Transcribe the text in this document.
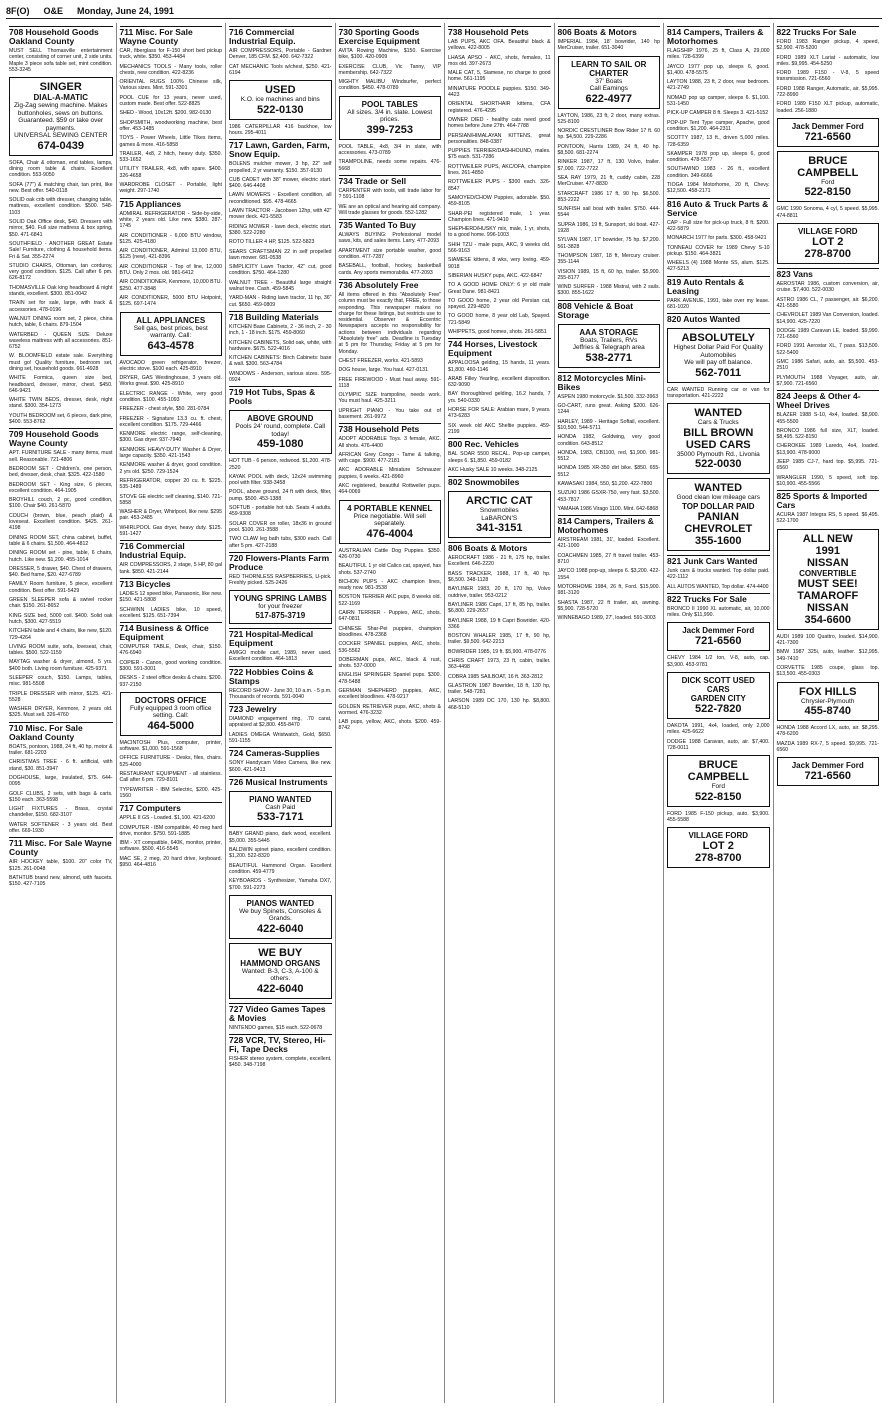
8F(O) O&E Monday, June 24, 1991
708 Household Goods Oakland County
MUST SELL Thomasville entertainment center, consisting of corner unit, 2 side units. Maple 3 piece sofa table set, mint condition. 553-3245
SINGER
DIAL-A-MATIC
Zig-Zag sewing machine. Makes buttonholes, sews on buttons. Guaranteed. $59 or take over payments.
UNIVERSAL SEWING CENTER
674-0439
SOFA, Chair & ottoman, end tables, lamps, dining room table & chairs. Excellent condition. 553-9050
SOFA (77") & matching chair, tan print, like new. Best offer. 540-0118
SOLID oak crib with dresser, changing table, mattress, excellent condition. $500. 548-1103
SOLID Oak Office desk, $40. Dressers with mirror, $40. Full size mattress & box spring, $50. 471-6841
SOUTHFIELD - ANOTHER GREAT Estate Sale! Furniture, clothing & household items. Fri & Sat. 355-2274
STUDIO CHAIRS, Ottoman, tan corduroy, very good condition. $125. Call after 6 pm. 626-8172
THOMASVILLE Oak king headboard & night stands, excellent. $300. 851-0042
TRAIN set for sale, large, with track & accessories. 478-0196
WALNUT DINING room set, 2 piece, china hutch, table, 6 chairs. 879-1504
WATERBED - QUEEN SIZE Deluxe waveless mattress with all accessories. 851-6752
W. BLOOMFIELD estate sale. Everything must go! Quality furniture, bedroom set, dining set, household goods. 661-4928
WHITE Formica, queen size bed, headboard, dresser, mirror, chest. $450. 646-9421
WHITE TWIN BEDS, dresser, desk, night stand. $300. 354-1273
YOUTH BEDROOM set, 6 pieces, dark pine, $400. 553-8762
709 Household Goods Wayne County
APT. FURNITURE SALE - many items, must sell. Reasonable. 721-4806
BEDROOM SET - Children's, one person, bed, dresser, desk, chair. $325. 422-1580
BEDROOM SET - King size, 6 pieces, excellent condition. 464-1905
BROYHILL couch, 2 pc, good condition, $100. Chair $40. 261-5870
COUCH (brown, blue, peach plaid) & loveseat. Excellent condition. $425. 261-4198
DINING ROOM SET, china cabinet, buffet, table & 6 chairs. $1,500. 464-4812
DINING ROOM set - pine, table, 6 chairs, hutch. Like new. $1,200. 455-1014
DRESSER, 5 drawer, $40. Chest of drawers, $40. Bed frame, $20. 427-6789
FAMILY Room furniture, 5 piece, excellent condition. Best offer. 591-5429
GREEN SLEEPER sofa & swivel rocker chair. $150. 261-8652
KING SIZE bed, 5000 coil. $400. Solid oak hutch, $300. 427-5519
KITCHEN table and 4 chairs, like new, $120. 729-4264
LIVING ROOM suite, sofa, loveseat, chair, tables. $500. 522-1159
MAYTAG washer & dryer, almond, 5 yrs. $400 both. Living room furniture. 425-9371
SLEEPER couch, $150. Lamps, tables, misc. 981-5508
TRIPLE DRESSER with mirror, $125. 421-5528
WASHER DRYER, Kenmore, 2 years old. $325. Must sell. 326-4760
710 Misc. For Sale Oakland County
BOATS, pontoon, 1988, 24 ft, 40 hp, motor & trailer. 681-2203
CHRISTMAS TREE - 6 ft. artificial, with stand, $30. 851-3947
DOGHOUSE, large, insulated, $75. 644-0095
GOLF CLUBS, 2 sets, with bags & carts. $150 each. 363-5598
LIGHT FIXTURES - Brass, crystal chandelier, $150. 682-3107
WATER SOFTENER - 3 years old. Best offer. 669-1930
711 Misc. For Sale Wayne County
AIR HOCKEY table, $100. 20" color TV, $125. 261-0048
BATHTUB brand new, almond, with faucets. $150. 427-7105
711 Misc. For Sale Wayne County
CAR, fiberglass for F-150 short bed pickup truck, white. $350. 453-4484
MECHANICS TOOLS - Many tools, roller chests, new condition. 422-8236
ORIENTAL RUGS 100% Chinese silk, Various sizes. Mint. 591-3301
POOL CUE for 13 years, never used, custom made. Best offer. 522-8825
SHED - Wood, 10x12ft. $200. 982-0130
SHOPSMITH, woodworking machine, best offer. 453-1485
TOYS - Power Wheels, Little Tikes items, games & more. 416-5858
TRAILER, 4x8, 2 hitch, heavy duty. $350. 533-1652
UTILITY TRAILER, 4x8, with spare. $400. 326-4658
WARDROBE CLOSET - Portable, light weight. 297-1740
715 Appliances
ADMIRAL REFRIGERATOR - Side-by-side, white, 2 years old. Like new. $380. 287-1745
AIR CONDITIONER - 6,000 BTU window, $125. 425-4180
AIR CONDITIONER, Admiral 13,000 BTU, $125 (new). 421-8396
AIR CONDITIONER - Top of line, 12,000 BTU. Only 2 mos. old. 981-6412
AIR CONDITIONER, Kenmore, 10,000 BTU. $250. 477-3848
AIR CONDITIONER, 5000 BTU Hotpoint, $125. 697-1474
ALL APPLIANCES
Sell gas, best prices, best warranty. Call:
643-4578
AVOCADO green refrigerator, freezer, electric stove. $100 each. 425-8910
DRYER, GAS Westinghouse, 3 years old. Works great. $90. 425-8910
ELECTRIC RANGE - White, very good condition. $100. 455-1093
FREEZER - chest style, $50. 281-0784
FREEZER - Signature 13.3 cu. ft. chest, excellent condition. $175. 729-4466
KENMORE electric range, self-cleaning, $300. Gas dryer. 937-7940
KENMORE HEAVY-DUTY Washer & Dryer, large capacity. $350. 421-1543
KENMORE washer & dryer, good condition. 2 yrs old. $250. 729-1524
REFRIGERATOR, copper 20 cu. ft. $225. 535-1489
STOVE GE electric self cleaning, $140. 721-5858
WASHER & Dryer, Whirlpool, like new. $295 pair. 453-2485
WHIRLPOOL Gas dryer, heavy duty. $125. 591-1427
716 Commercial Industrial Equip.
AIR COMPRESSORS, 2 stage, 5 HP, 80 gal tank. $850. 421-2144
713 Bicycles
LADIES 12 speed bike, Panasonic, like new. $150. 421-5808
SCHWINN LADIES bike, 10 speed, excellent. $125. 651-7394
714 Business & Office Equipment
COMPUTER TABLE, Desk, chair, $150. 476-6940
COPIER - Canon, good working condition. $300. 591-3001
DESKS - 2 steel office desks & chairs. $200. 937-2150
DOCTORS OFFICE
Fully equipped 3 room office setting. Call:
464-5000
MACINTOSH Plus, computer, printer, software. $1,000. 591-1568
OFFICE FURNITURE - Desks, files, chairs. 525-4000
RESTAURANT EQUIPMENT - all stainless. Call after 6 pm. 729-8101
TYPEWRITER - IBM Selectric, $200. 425-1560
717 Computers
APPLE II GS - Loaded. $1,100. 421-6200
COMPUTER - IBM compatible, 40 meg hard drive, monitor. $750. 591-1885
IBM - XT compatible, 640K, monitor, printer, software. $500. 416-5545
MAC SE, 2 meg, 20 hard drive, keyboard. $950. 464-4816
716 Commercial Industrial Equip.
AIR COMPRESSORS, Portable - Gardner Denver, 185 CFM. $2,400. 642-7322
CAT MECHANIC Tools w/chest, $250. 421-6194
USED
K.O. ice machines and bins
522-0130
1986 CATERPILLAR 416 backhoe, low hours. 295-4011
717 Lawn, Garden, Farm, Snow Equip.
BOLENS mulcher mower, 3 hp, 22" self propelled, 2 yr warranty. $150. 357-9130
CUB CADET with 38" mower, electric start. $400. 646-4408
LAWN MOWERS - Excellent condition, all reconditioned. $95. 478-4665
LAWN TRACTOR - Jacobsen 12hp, with 42" mower deck. 421-5583
RIDING MOWER - lawn deck, electric start. $380. 522-2280
ROTO TILLER 4 HP, $125. 522-5823
SEARS CRAFTSMAN 22 in self propelled lawn mower. 681-0538
SIMPLICITY Lawn Tractor, 42" cut, good condition. $750. 464-1280
WALNUT TREE - Beautiful large straight walnut tree. Cash. 459-5845
YARD-MAN - Riding lawn tractor, 11 hp, 36" cut. $650. 459-0809
718 Building Materials
KITCHEN Base Cabinets, 2 - 36 inch, 2 - 30 inch, 1 - 18 inch. $175. 459-8060
KITCHEN CABINETS, Solid oak, white, with hardware. $675. 522-4016
KITCHEN CABINETS: Birch Cabinets: base & wall. $300. 563-4784
WINDOWS - Anderson, various sizes. 595-0924
719 Hot Tubs, Spas & Pools
ABOVE GROUND
Pools 24' round, complete. Call today!
459-1080
HOT TUB - 6 person, redwood. $1,200. 478-2520
KAYAK POOL with deck, 12x24 swimming pool with filter. 938-3458
POOL, above ground, 24 ft with deck, filter, pump. $500. 453-1388
SOFTUB - portable hot tub. Seats 4 adults. 459-9308
SOLAR COVER on roller, 18x36 in ground pool. $100. 261-3588
TWO CLAW leg bath tubs, $300 each. Call after 5 pm. 427-2188
720 Flowers-Plants Farm Produce
RED THORNLESS RASPBERRIES, U-pick. Freshly picked. 525-2426
YOUNG SPRING LAMBS
for your freezer
517-875-3719
721 Hospital-Medical Equipment
AMIGO mobile cart, 1989, never used. Excellent condition. 464-1813
722 Hobbies Coins & Stamps
RECORD SHOW - June 30, 10 a.m. - 5 p.m. Thousands of records. 591-0040
723 Jewelry
DIAMOND engagement ring, .70 carat, appraised at $2,800. 455-8470
LADIES OMEGA Wristwatch, Gold, $650. 591-1155
724 Cameras-Supplies
SONY Handycam Video Camera, like new. $600. 421-9413
726 Musical Instruments
PIANO WANTED
Cash Paid
533-7171
BABY GRAND piano, dark wood, excellent. $5,000. 355-5445
BALDWIN spinet piano, excellent condition. $1,200. 522-8320
BEAUTIFUL Hammond Organ. Excellent condition. 459-4779
KEYBOARDS - Synthesizer, Yamaha DX7, $700. 591-2273
PIANOS WANTED
We buy Spinets, Consoles & Grands.
422-6040
WE BUY
HAMMOND ORGANS
Wanted: B-3, C-3, A-100 & others.
422-6040
727 Video Games Tapes & Movies
NINTENDO games, $15 each. 522-0678
728 VCR, TV, Stereo, Hi-Fi, Tape Decks
FISHER stereo system, complete, excellent. $450. 348-7198
730 Sporting Goods Exercise Equipment
AVITA Rowing Machine, $150. Exercise bike, $100. 420-0909
EXERCISE CLUB, Vic Tanny, VIP membership. 642-7322
MIGHTY MALIBU Windsurfer, perfect condition. $450. 478-0789
POOL TABLES
All sizes. 3/4 in. slate. Lowest prices.
399-7253
POOL TABLE, 4x8, 3/4 in slate, with accessories. 473-0789
TRAMPOLINE, needs some repairs. 476-5668
734 Trade or Sell
CARPENTER with tools, will trade labor for ? 591-1108
WE are an optical and hearing aid company. Will trade glasses for goods. 552-1282
735 Wanted To Buy
ALWAYS BUYING: Professional model saws, kits, and sales items. Larry. 477-2093
APARTMENT size portable washer, good condition. 477-7287
BASEBALL, football, hockey, basketball cards. Any sports memorabilia. 477-2093
736 Absolutely Free
All items offered in this "Absolutely Free" column must be exactly that, FREE, to those responding. This newspaper makes no charge for these listings, but restricts use to residential. Observer & Eccentric Newspapers accepts no responsibility for actions between individuals regarding "Absolutely free" ads. Deadline is Tuesday at 5 pm for Thursday, Friday at 5 pm for Monday.
CHEST FREEZER, works. 421-5893
DOG house, large. You haul. 427-0131
FREE FIREWOOD - Must haul away. 591-1118
OLYMPIC SIZE trampoline, needs work. You must haul. 425-3211
UPRIGHT PIANO - You take out of basement. 261-9972
738 Household Pets
ADOPT ADORABLE Toys. 3 female, AKC. All shots. 476-4400
AFRICAN Grey Congo - Tame & talking, with cage. $900. 477-2181
AKC ADORABLE Miniature Schnauzer puppies, 6 weeks. 421-8960
AKC registered, beautiful Rottweiler pups. 464-0069
4 PORTABLE KENNEL
Price negotiable. Will sell separately.
476-4004
AUSTRALIAN Cattle Dog Puppies. $350. 426-0730
BEAUTIFUL 1 yr old Calico cat, spayed, has shots. 537-2740
BICHON PUPS - AKC champion lines, ready now. 981-3538
BOSTON TERRIER AKC pups, 8 weeks old. 522-1169
CAIRN TERRIER - Puppies, AKC, shots. 647-0811
CHINESE Shar-Pei puppies, champion bloodlines. 478-2368
COCKER SPANIEL puppies, AKC, shots. 536-5562
DOBERMAN pups, AKC, black & rust, shots. 537-0000
ENGLISH SPRINGER Spaniel pups. $300. 478-5488
GERMAN SHEPHERD puppies, AKC, excellent bloodlines. 478-9217
GOLDEN RETRIEVER pups, AKC, shots & wormed. 476-3232
LAB pups, yellow, AKC, shots. $200. 459-8742
738 Household Pets
LAB PUPS, AKC OFA. Beautiful black & yellows. 422-8005
LHASA APSO - AKC, shots, females, 11 mos old. 397-2673
MALE CAT, 5, Siamese, no charge to good home. 561-1195
MINIATURE POODLE puppies. $150. 349-4423
ORIENTAL SHORTHAIR kittens, CFA registered. 476-4295
OWNER DIED - healthy cats need good homes before June 27th. 464-7788
PERSIAN/HIMALAYAN KITTENS, great personalities. 848-0387
PUPPIES TERRIER/DASHHOUND, males. $75 each. 531-7286
ROTTWEILER PUPS, AKC/OFA, champion lines. 261-4850
ROTTWEILER PUPS - $300 each. 326-8547
SAMOYED/CHOW Puppies, adorable. $50. 459-8105
SHAR-PEI registered male, 1 year. Champion lines. 471-9410
SHEPHERD/HUSKY mix, male, 1 yr, shots, to a good home. 996-1003
SHIH TZU - male pups, AKC, 9 weeks old. 566-9163
SIAMESE kittens, 8 wks, very loving. 459-9018
SIBERIAN HUSKY pups, AKC. 422-6847
TO A GOOD HOME ONLY: 6 yr old male Great Dane. 981-8421
TO GOOD home, 2 year old Persian cat, spayed. 229-4820
TO GOOD home, 8 year old Lab, Spayed. 721-5849
WHIPPETS, good homes, shots. 261-5851
744 Horses, Livestock Equipment
APPALOOSA gelding, 15 hands, 11 years. $1,800. 460-1146
ARAB Filley Yearling, excellent disposition. 632-9090
BAY thoroughbred gelding, 16.2 hands, 7 yrs. 540-0330
HORSE FOR SALE: Arabian mare, 9 years. 473-6283
SIX week old AKC Sheltie puppies. 459-2199
800 Rec. Vehicles
BAL SOAR 5500 RECAL. Pop-up camper, sleeps 6. $1,850. 459-0182
AKC Husky SALE 10 weeks. 348-2125
802 Snowmobiles
ARCTIC CAT
Snowmobiles
LaBARON'S
341-3151
806 Boats & Motors
AEROCRAFT 1986 - 21 ft, 175 hp, trailer. Excellent. 646-2220
BASS TRACKER, 1988, 17 ft, 40 hp. $6,500. 348-1128
BAYLINER 1983, 20 ft, 170 hp, Volvo outdrive, trailer. 953-0212
BAYLINER 1986 Capri, 17 ft, 85 hp, trailer. $6,800. 229-2657
BAYLINER 1988, 19 ft Capri Bowrider. 420-3366
BOSTON WHALER 1985, 17 ft, 90 hp, trailer. $9,500. 642-2213
BOWRIDER 1985, 19 ft. $5,900. 478-0776
CHRIS CRAFT 1973, 23 ft, cabin, trailer. 363-4498
COBRA 1985 SAILBOAT, 16 ft. 363-2812
GLASTRON 1987 Bowrider, 18 ft, 130 hp, trailer. 548-7281
LARSON 1989 DC 170, 130 hp. $8,800. 468-5110
806 Boats & Motors
IMPERIAL 1984, 18' bowrider, 140 hp MerCruiser, trailer. 651-3040
LEARN TO SAIL OR CHARTER
37' Boats
Call Eamings
622-4977
LAYTON, 1986, 23 ft, 2 door, many extras. 525-8100
NORDIC CRESTLINER Bow Rider 17 ft. 60 hp. $4,500. 229-2286
PONTOON, Harris 1989, 24 ft, 40 hp. $8,500. 681-2274
RINKER 1987, 17 ft, 130 Volvo, trailer. $7,000. 722-7722
SEA RAY 1979, 21 ft, cuddy cabin, 228 MerCruiser. 477-8830
STARCRAFT 1986 17 ft, 90 hp. $6,500. 853-2222
SUNFISH sail boat with trailer. $750. 444-5544
SUPRA 1986, 19 ft, Sunsport, ski boat. 427-1928
SYLVAN 1987, 17' bowrider, 75 hp. $7,200. 561-3828
THOMPSON 1987, 18 ft, Mercury cruiser. 355-1144
VISION 1989, 15 ft, 60 hp, trailer. $5,900. 255-8177
WIND SURFER - 1988 Mistral, with 2 sails. $300. 855-1622
808 Vehicle & Boat Storage
AAA STORAGE
Boats, Trailers, RVs
Jeffries & Telegraph area
538-2771
812 Motorcycles Mini-Bikes
ASPEN 1980 motorcycle. $1,500. 332-3963
GO-CART, runs great. Asking $200. 626-1244
HARLEY, 1989 - Heritage Softail, excellent. $10,500. 544-5711
HONDA 1982, Goldwing, very good condition. 643-8512
HONDA, 1983, CB1100, red, $1,900. 981-5512
HONDA 1985 XR-350 dirt bike. $850. 655-5512
KAWASAKI 1984, 550, $1,200. 422-7800
SUZUKI 1986 GSXR-750, very fast. $3,500. 453-7817
YAMAHA 1986 Virago 1100. Mint. 642-6868
814 Campers, Trailers & Motorhomes
AIRSTREAM 1981, 31', loaded. Excellent. 421-1000
COACHMEN 1985, 27 ft travel trailer. 453-8710
JAYCO 1988 pop-up, sleeps 6. $3,200. 422-1554
MOTORHOME 1984, 26 ft, Ford. $15,900. 981-3120
SHASTA 1987, 22 ft trailer, air, awning. $5,900. 728-5720
WINNEBAGO 1989, 27', loaded. 591-3003
814 Campers, Trailers & Motorhomes
FLAGSHIP 1976, 25 ft, Class A, 29,000 miles. 728-6399
JAYCO 1977 pop up, sleeps 6, good. $1,400. 478-5575
LAYTON 1988, 23 ft, 2 door, rear bedroom. 421-2749
NOMAD pop up camper, sleeps 6. $1,100. 531-1450
PICK-UP CAMPER 8 ft. Sleeps 3. 421-5152
POP-UP Tent Type camper, Apache, good condition. $1,200. 464-2311
SCOTTY 1987, 13 ft., driven 5,000 miles. 728-6359
SKAMPER 1978 pop up, sleeps 6, good condition. 478-5577
SOUTHWIND 1983 - 26 ft., excellent condition. 349-6666
TIOGA 1984 Motorhome, 20 ft, Chevy. $12,500. 458-2171
816 Auto & Truck Parts & Service
CAP - Full size for pick-up truck, 8 ft. $200. 422-5879
MONARCH 1977 for parts. $300. 458-9421
TONNEAU COVER for 1989 Chevy S-10 pickup. $150. 464-3821
WHEELS (4) 1988 Monte SS, alum. $125. 427-5213
819 Auto Rentals & Leasing
PARK AVENUE, 1991, take over my lease. 681-1020
820 Autos Wanted
ABSOLUTELY
Highest Dollar Paid For Quality Automobiles
We will pay off balance.
562-7011
CAR WANTED Running car or van for transportation. 421-2222
WANTED
Cars & Trucks
BILL BROWN
USED CARS
35000 Plymouth Rd., Livonia
522-0030
WANTED
Good clean low mileage cars
TOP DOLLAR PAID
PANIAN
CHEVROLET
355-1600
821 Junk Cars Wanted
Junk cars & trucks wanted. Top dollar paid. 422-1112
ALL AUTOS WANTED, Top dollar. 474-4400
822 Trucks For Sale
BRONCO II 1990 XL automatic, air, 10,000 miles. Only $11,990.
Jack Demmer Ford
721-6560
CHEVY 1984 1/2 ton, V-8, auto, cap. $3,900. 453-9781
DICK SCOTT USED CARS
GARDEN CITY
522-7820
DAKOTA 1991, 4x4, loaded, only 2,000 miles. 425-6622
DODGE 1988 Caravan, auto, air. $7,400. 728-0011
BRUCE
CAMPBELL
Ford
522-8150
FORD 1985 F-150 pickup, auto. $3,900. 455-5588
VILLAGE FORD
LOT 2
278-8700
822 Trucks For Sale
FORD 1983 Ranger pickup, 4 speed, $2,900. 478-5200
FORD 1989 XLT Lariat - automatic, low miles. $9,995. 454-5250
FORD 1989 F150 - V-8, 5 speed transmission. 721-6560
FORD 1988 Ranger, Automatic, air. $5,995. 722-8990
FORD 1989 F150 XLT pickup, automatic, loaded. 256-1880
Jack Demmer Ford
721-6560
BRUCE
CAMPBELL
Ford
522-8150
GMC 1990 Sonoma, 4 cyl, 5 speed. $5,995. 474-8811
VILLAGE FORD
LOT 2
278-8700
823 Vans
AEROSTAR 1986, custom conversion, air, cruise. $7,400. 522-0030
ASTRO 1986 CL, 7 passenger, air. $6,200. 421-5580
CHEVROLET 1989 Van Conversion, loaded. $14,900. 425-7220
DODGE 1989 Caravan LE, loaded. $9,990. 721-6560
FORD 1991 Aerostar XL, 7 pass. $13,500. 522-5400
GMC 1986 Safari, auto, air. $5,500. 453-2510
PLYMOUTH 1988 Voyager, auto, air. $7,900. 721-6560
824 Jeeps & Other 4-Wheel Drives
BLAZER 1988 S-10, 4x4, loaded. $8,900. 455-5500
BRONCO 1986 full size, XLT, loaded. $8,495. 522-8150
CHEROKEE 1989 Laredo, 4x4, loaded. $13,900. 478-9000
JEEP 1985 CJ-7, hard top. $5,995. 721-6560
WRANGLER 1990, 5 speed, soft top. $10,900. 455-5566
825 Sports & Imported Cars
ACURA 1987 Integra RS, 5 speed. $6,495. 522-1700
ALL NEW
1991
NISSAN
CONVERTIBLE
MUST SEE!
TAMAROFF
NISSAN
354-6600
AUDI 1989 100 Quattro, loaded. $14,900. 421-7300
BMW 1987 325i, auto, leather. $12,995. 349-7410
CORVETTE 1985 coupe, glass top. $13,500. 455-0303
FOX HILLS
Chrysler-Plymouth
455-8740
HONDA 1988 Accord LX, auto, air. $8,295. 478-6200
MAZDA 1989 RX-7, 5 speed. $9,995. 721-6560
Jack Demmer Ford
721-6560
